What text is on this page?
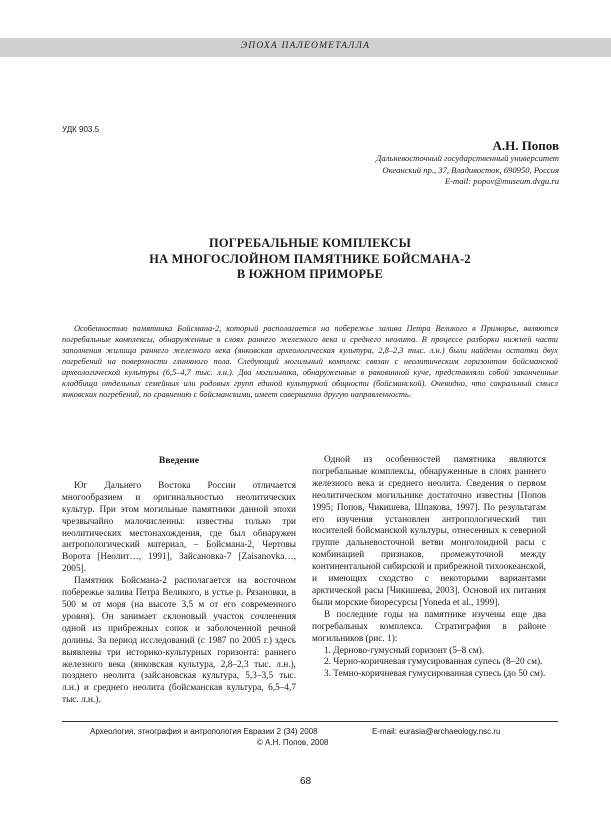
ЭПОХА ПАЛЕОМЕТАЛЛА
УДК 903.5
А.Н. Попов
Дальневосточный государственный университет
Океанский пр., 37, Владивосток, 690950, Россия
E-mail: popov@museum.dvgu.ru
ПОГРЕБАЛЬНЫЕ КОМПЛЕКСЫ
НА МНОГОСЛОЙНОМ ПАМЯТНИКЕ БОЙСМАНА-2
В ЮЖНОМ ПРИМОРЬЕ

Особенностью памятника Бойсмана-2, который располагается на побережье залива Петра Великого в Приморье, являются погребальные комплексы, обнаруженные в слоях раннего железного века и среднего неолита. В процессе разборки нижней части заполнения жилища раннего железного века (янковская археологическая культура, 2,8–2,3 тыс. л.н.) были найдены остатки двух погребений на поверхности глиняного пола. Следующий могильный комплекс связан с неолитическим горизонтом бойсманской археологической культуры (6,5–4,7 тыс. л.н.). Два могильника, обнаруженные в раковинной куче, представляли собой законченные кладбища отдельных семейных или родовых групп единой культурной общности (бойсманской). Очевидно, что сакральный смысл янковских погребений, по сравнению с бойсманскими, имеет совершенно другую направленность.

Введение

Юг Дальнего Востока России отличается многообразием и оригинальностью неолитических культур. При этом могильные памятники данной эпохи чрезвычайно малочисленны: известны только три неолитических местонахождения, где был обнаружен антропологический материал, – Бойсмана-2, Чертовы Ворота [Неолит…, 1991], Зайсановка-7 [Zaisanovka…, 2005].

Памятник Бойсмана-2 располагается на восточном побережье залива Петра Великого, в устье р. Рязановки, в 500 м от моря (на высоте 3,5 м от его современного уровня). Он занимает склоновый участок сочленения одной из прибрежных сопок и заболоченной речной долины. За период исследований (с 1987 по 2005 г.) здесь выявлены три историко-культурных горизонта: раннего железного века (янковская культура, 2,8–2,3 тыс. л.н.), позднего неолита (зайсановская культура, 5,3–3,5 тыс. л.н.) и среднего неолита (бойсманская культура, 6,5–4,7 тыс. л.н.).

Одной из особенностей памятника являются погребальные комплексы, обнаруженные в слоях раннего железного века и среднего неолита. Сведения о первом неолитическом могильнике достаточно известны [Попов 1995; Попов, Чикишева, Шпакова, 1997]. По результатам его изучения установлен антропологический тип носителей бойсманской культуры, отнесенных к северной группе дальневосточной ветви монголоидной расы с комбинацией признаков, промежуточной между континентальной сибирской и прибрежной тихоокеанской, и имеющих сходство с некоторыми вариантами арктической расы [Чикишева, 2003]. Основой их питания были морские биоресурсы [Yoneda et al., 1999].

В последние годы на памятнике изучены еще два погребальных комплекса. Стратиграфия в районе могильников (рис. 1):

1. Дерново-гумусный горизонт (5–8 см).

2. Черно-коричневая гумусированная супесь (8–20 см).

3. Темно-коричневая гумусированная супесь (до 50 см).

Археология, этнография и антропология Евразии 2 (34) 2008	E-mail: eurasia@archaeology.nsc.ru
© А.Н. Попов, 2008
68
